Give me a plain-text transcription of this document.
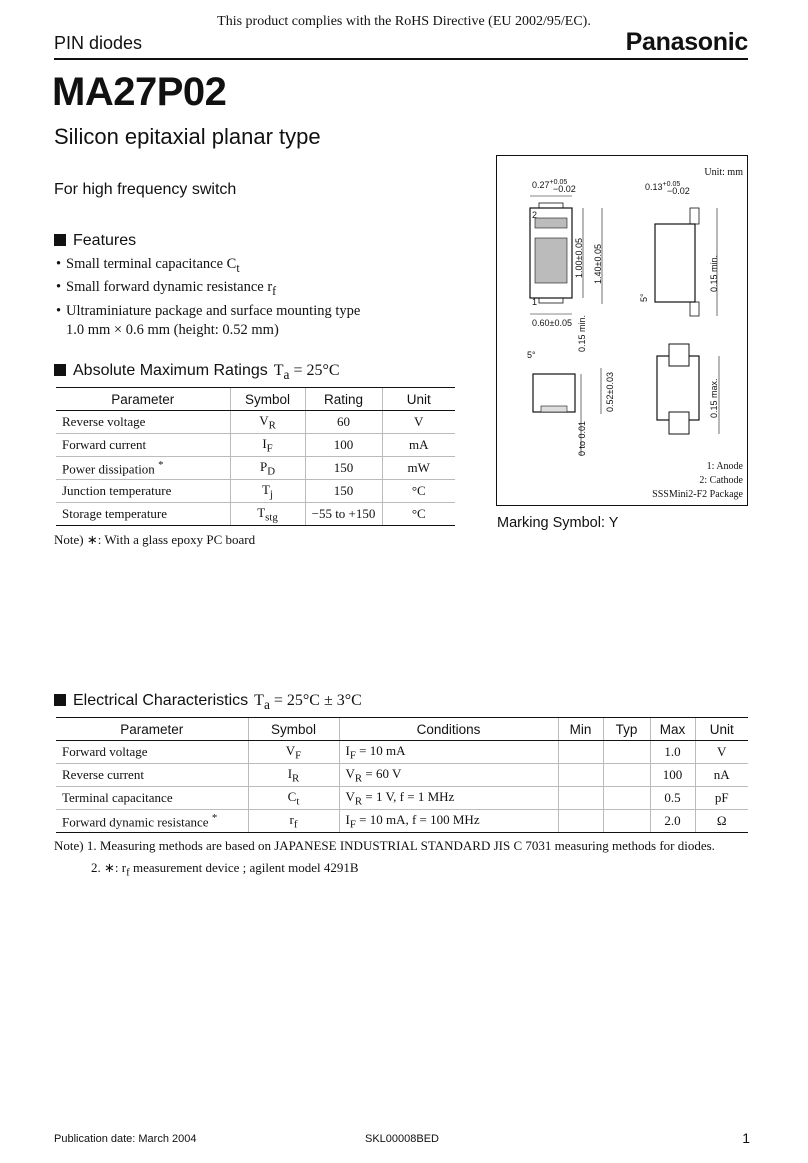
This product complies with the RoHS Directive (EU 2002/95/EC).
PIN diodes	Panasonic
MA27P02
Silicon epitaxial planar type
For high frequency switch
Features
• Small terminal capacitance $C_t$
• Small forward dynamic resistance $r_f$
• Ultraminiature package and surface mounting type
1.0 mm × 0.6 mm (height: 0.52 mm)
Absolute Maximum Ratings $T_a = 25^\circ C$
Parameter	Symbol	Rating	Unit
Reverse voltage	$V_R$	60	V
Forward current	$I_F$	100	mA
Power dissipation *	$P_D$	150	mW
Junction temperature	$T_j$	150	°C
Storage temperature	$T_{stg}$	−55 to +150	°C
Note) ∗: With a glass epoxy PC board
Unit: mm
2
1
$0.27^{+0.05}$
−0.02
1.00±0.05 1.40±0.05
0.60±0.05 0.15 min.
$0.13^{+0.05}$
−0.02
0.15 min.
5°
5°
0 to 0.01
0.52±0.03	0.15 max.
1: Anode
2: Cathode
SSSMini2-F2 Package
Marking Symbol: Y
Electrical Characteristics $T_a = 25^\circ C \pm 3^\circ C$
Parameter	Symbol	Conditions	Min	Typ	Max	Unit
Forward voltage	$V_F$	$I_F = 10$ mA			1.0	V
Reverse current	$I_R$	$V_R = 60$ V			100	nA
Terminal capacitance	$C_t$	$V_R = 1$ V, f = 1 MHz			0.5	pF
Forward dynamic resistance *	$r_f$	$I_F = 10$ mA, f = 100 MHz			2.0	Ω
Note) 1. Measuring methods are based on JAPANESE INDUSTRIAL STANDARD JIS C 7031 measuring methods for diodes.
2. ∗: $r_f$ measurement device ; agilent model 4291B
Publication date: March 2004	SKL00008BED	1
